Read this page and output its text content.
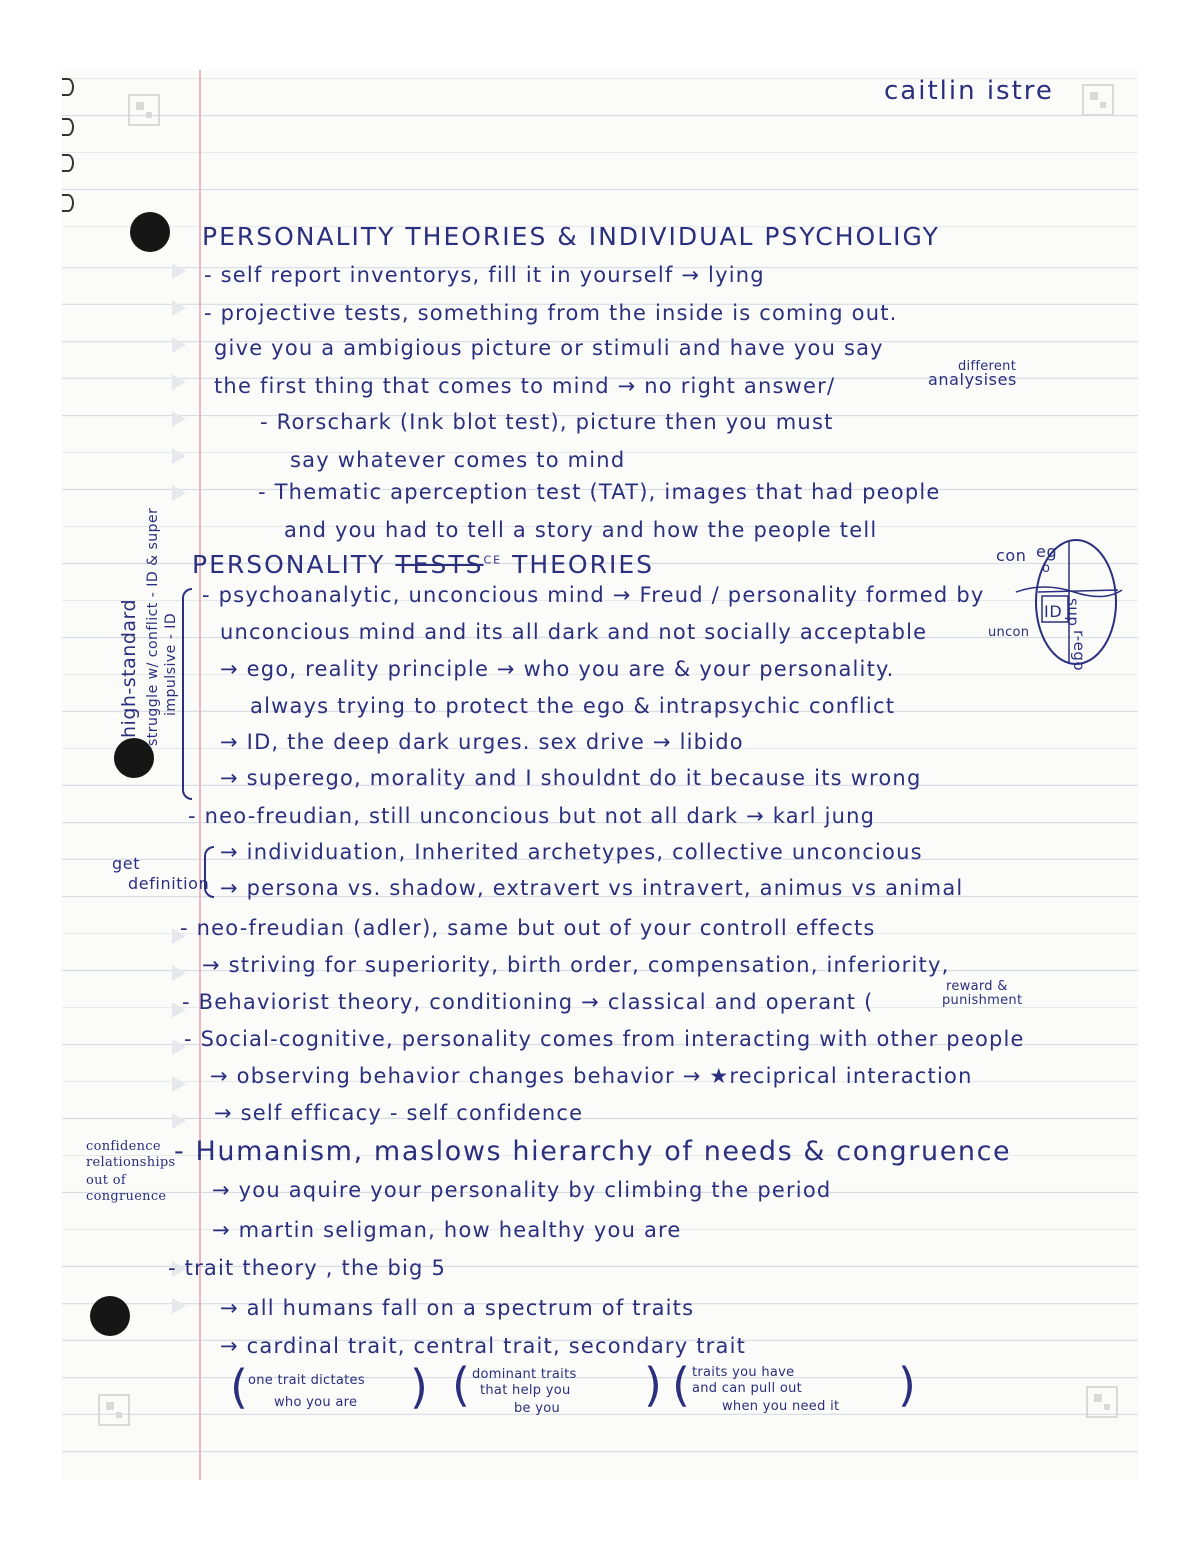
caitlin istre
PERSONALITY THEORIES & INDIVIDUAL PSYCHOLIGY
- self report inventorys, fill it in yourself → lying
- projective tests, something from the inside is coming out.
give you a ambigious picture or stimuli and have you say
the first thing that comes to mind → no right answer/
different
analysises
- Rorschark (Ink blot test), picture then you must
say whatever comes to mind
- Thematic aperception test (TAT), images that had people
and you had to tell a story and how the people tell
PERSONALITY $TESTS^{CE}$ THEORIES	con eg
o
ID
uncon
sup
r-ego
high-standard struggle w/ conflict - ID & super impulsive - ID
- psychoanalytic, unconcious mind → Freud / personality formed by
unconcious mind and its all dark and not socially acceptable
→ ego, reality principle → who you are & your personality.
always trying to protect the ego & intrapsychic conflict
→ ID, the deep dark urges. sex drive → libido
→ superego, morality and I shouldnt do it because its wrong
- neo-freudian, still unconcious but not all dark → karl jung
get
definition
→ individuation, Inherited archetypes, collective unconcious
→ persona vs. shadow, extravert vs intravert, animus vs animal
- neo-freudian (adler), same but out of your controll effects
→ striving for superiority, birth order, compensation, inferiority,
- Behaviorist theory, conditioning → classical and operant (
reward &
punishment
- Social-cognitive, personality comes from interacting with other people
→ observing behavior changes behavior → ★reciprical interaction
→ self efficacy - self confidence
confidence
relationships
out of
congruence
- Humanism, maslows hierarchy of needs & congruence
→ you aquire your personality by climbing the period
→ martin seligman, how healthy you are
- trait theory , the big 5
→ all humans fall on a spectrum of traits
→ cardinal trait, central trait, secondary trait
( one trait dictates
who you are ) ( dominant traits
that help you
be you ) ( traits you have
and can pull out
when you need it )
